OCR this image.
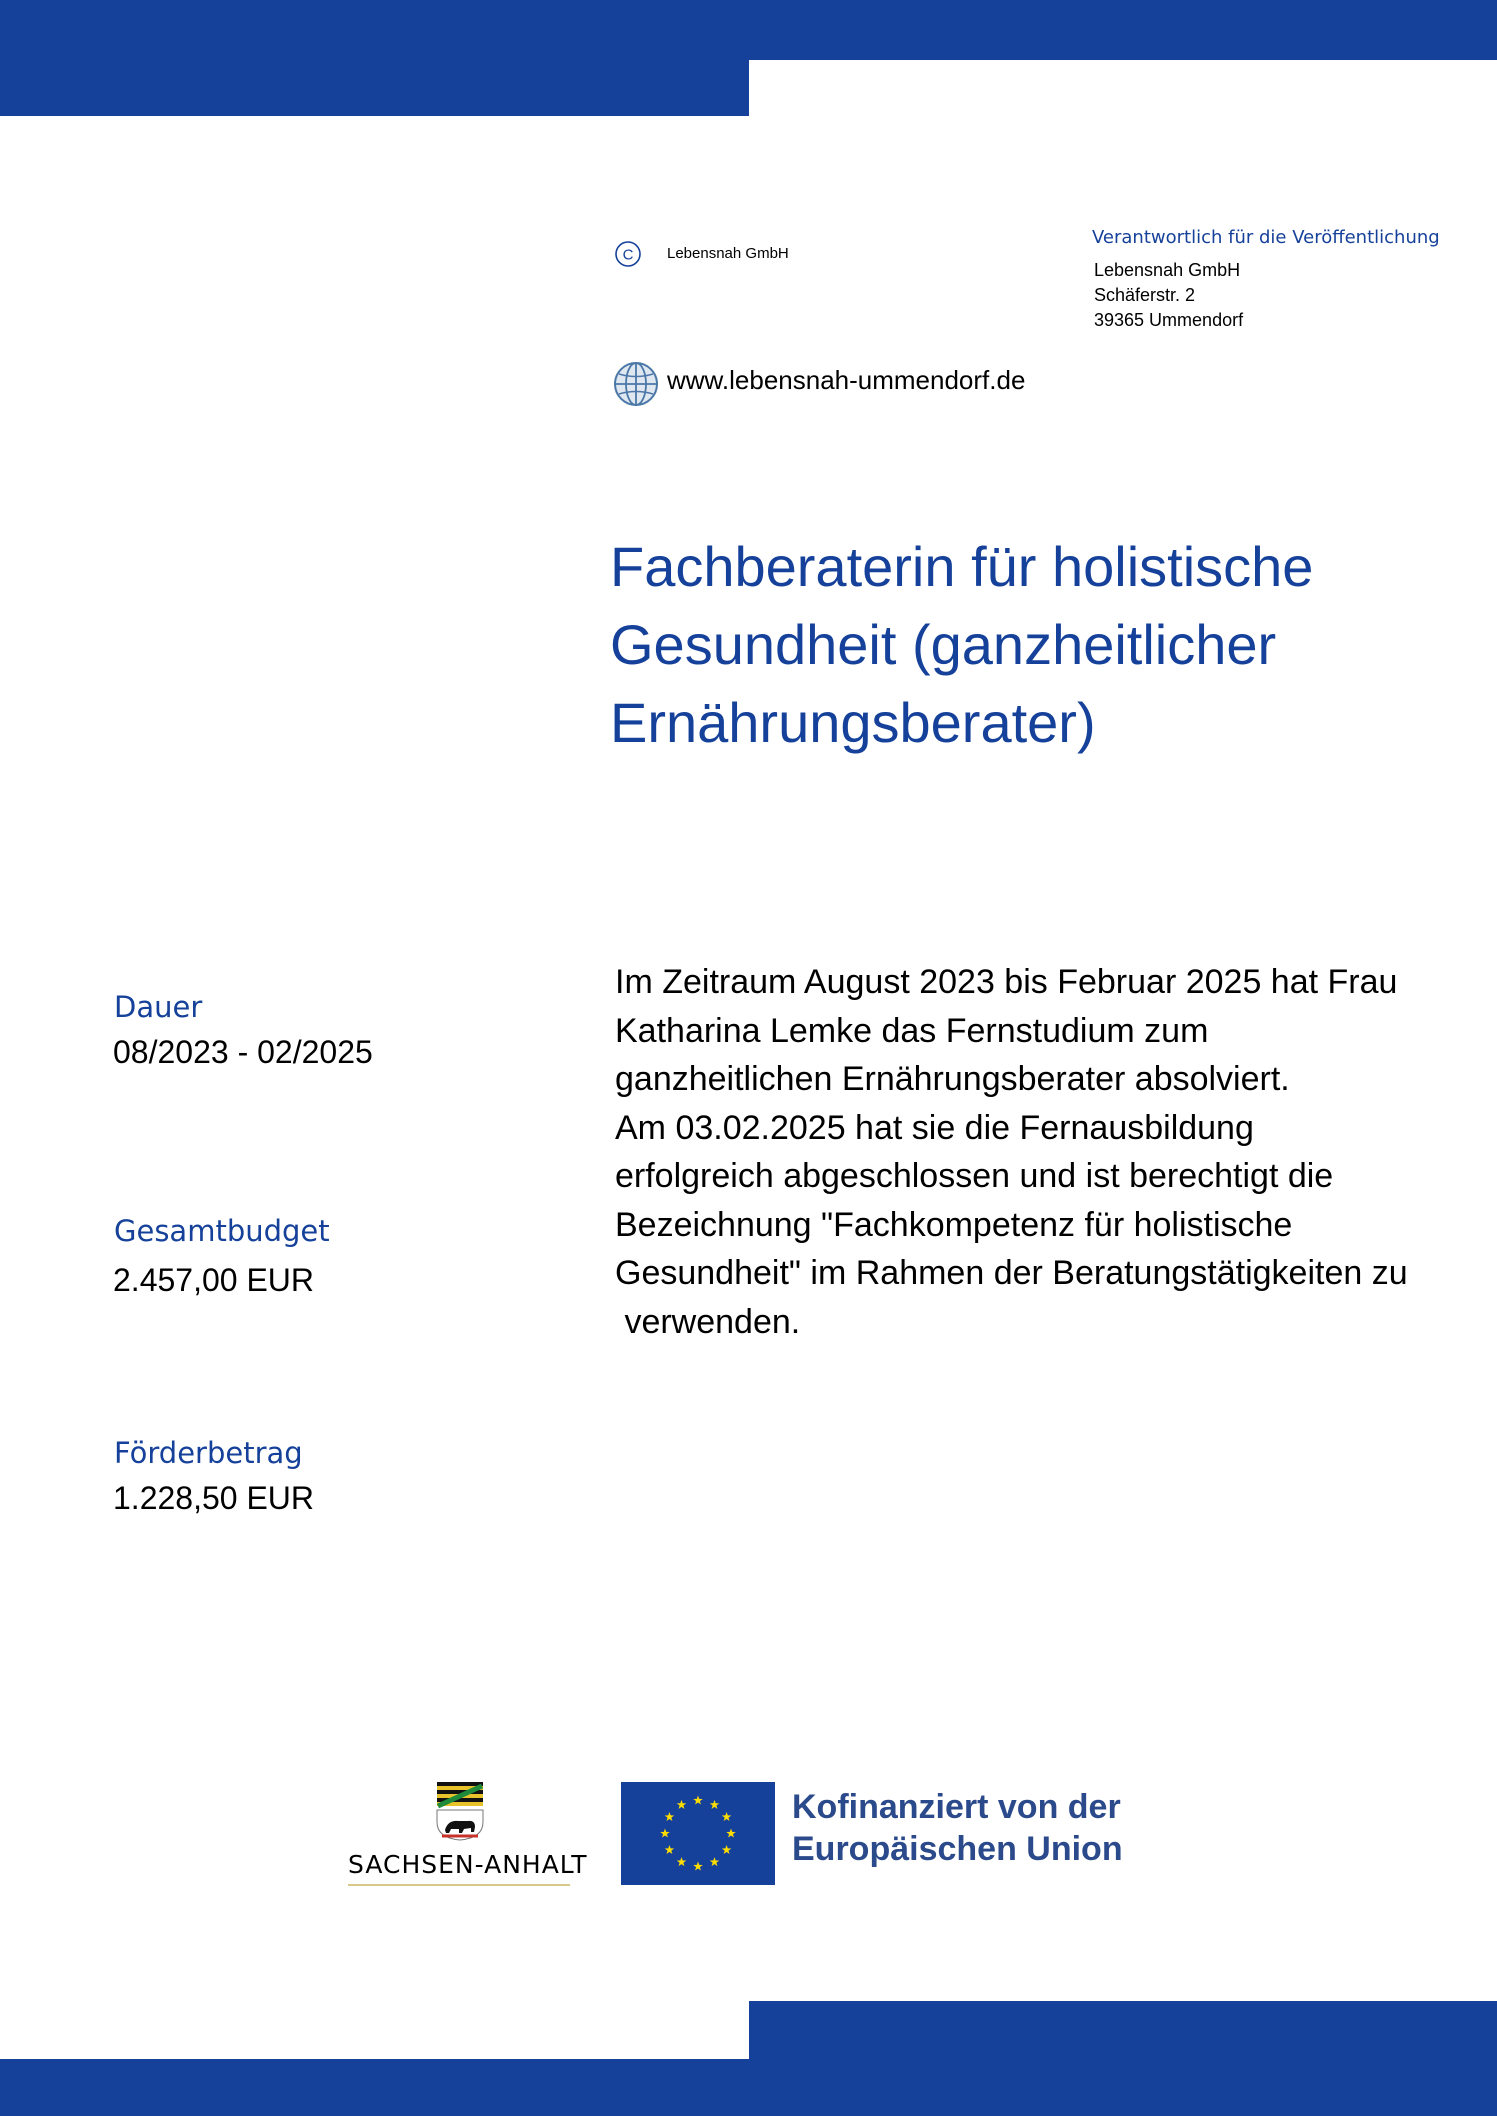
C Lebensnah GmbH
Verantwortlich für die Veröffentlichung
Lebensnah GmbH
Schäferstr. 2
39365 Ummendorf
www.lebensnah-ummendorf.de
Fachberaterin für holistische
Gesundheit (ganzheitlicher
Ernährungsberater)
Dauer
08/2023 - 02/2025
Gesamtbudget
2.457,00 EUR
Förderbetrag
1.228,50 EUR

Im Zeitraum August 2023 bis Februar 2025 hat Frau
Katharina Lemke das Fernstudium zum
ganzheitlichen Ernährungsberater absolviert.
Am 03.02.2025 hat sie die Fernausbildung
erfolgreich abgeschlossen und ist berechtigt die
Bezeichnung "Fachkompetenz für holistische
Gesundheit" im Rahmen der Beratungstätigkeiten zu
verwenden.

SACHSEN-ANHALT
Kofinanziert von der
Europäischen Union
